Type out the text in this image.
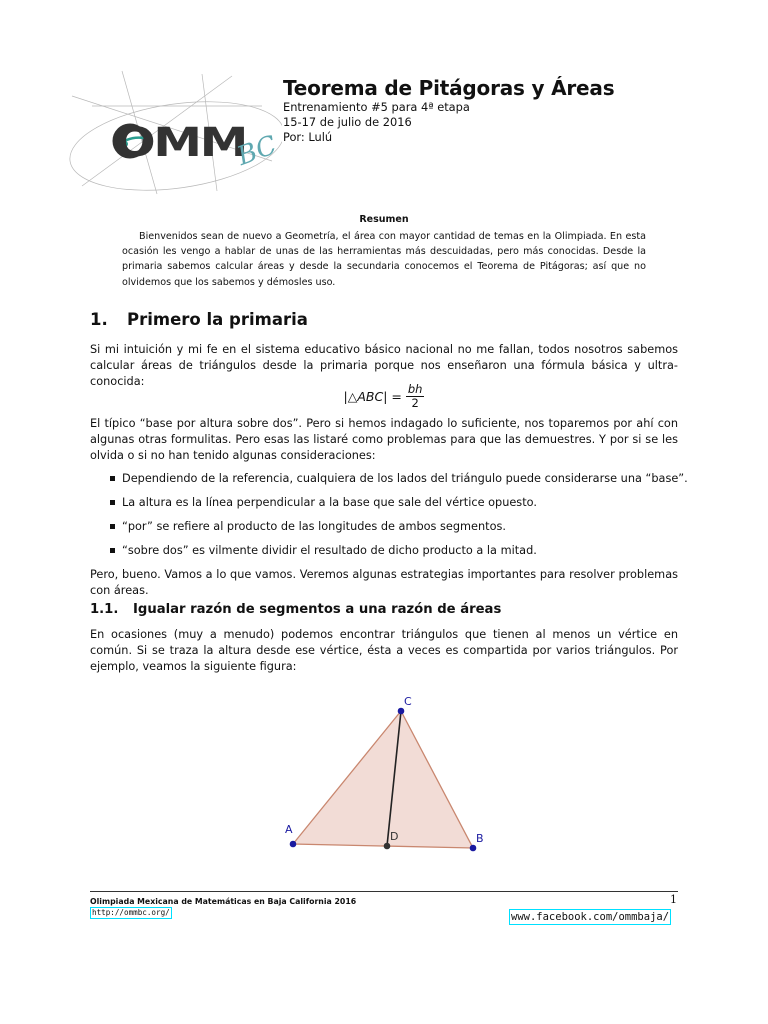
OMM
BC
Teorema de Pitágoras y Áreas
Entrenamiento #5 para 4ª etapa
15-17 de julio de 2016
Por: Lulú
Resumen
Bienvenidos sean de nuevo a Geometría, el área con mayor cantidad de temas en la Olimpiada. En esta ocasión les vengo a hablar de unas de las herramientas más descuidadas, pero más conocidas. Desde la primaria sabemos calcular áreas y desde la secundaria conocemos el Teorema de Pitágoras; así que no olvidemos que los sabemos y démosles uso.
1. Primero la primaria
Si mi intuición y mi fe en el sistema educativo básico nacional no me fallan, todos nosotros sabemos calcular áreas de triángulos desde la primaria porque nos enseñaron una fórmula básica y ultra-conocida:
|△ABC| = $\frac{bh}{2}$
El típico “base por altura sobre dos”. Pero si hemos indagado lo suficiente, nos toparemos por ahí con algunas otras formulitas. Pero esas las listaré como problemas para que las demuestres. Y por si se les olvida o si no han tenido algunas consideraciones:
Dependiendo de la referencia, cualquiera de los lados del triángulo puede considerarse una “base”.
La altura es la línea perpendicular a la base que sale del vértice opuesto.
“por” se refiere al producto de las longitudes de ambos segmentos.
“sobre dos” es vilmente dividir el resultado de dicho producto a la mitad.
Pero, bueno. Vamos a lo que vamos. Veremos algunas estrategias importantes para resolver problemas con áreas.
1.1. Igualar razón de segmentos a una razón de áreas
En ocasiones (muy a menudo) podemos encontrar triángulos que tienen al menos un vértice en común. Si se traza la altura desde ese vértice, ésta a veces es compartida por varios triángulos. Por ejemplo, veamos la siguiente figura:
A
B
C
D
Olimpiada Mexicana de Matemáticas en Baja California 2016
http://ommbc.org/
1
www.facebook.com/ommbaja/
